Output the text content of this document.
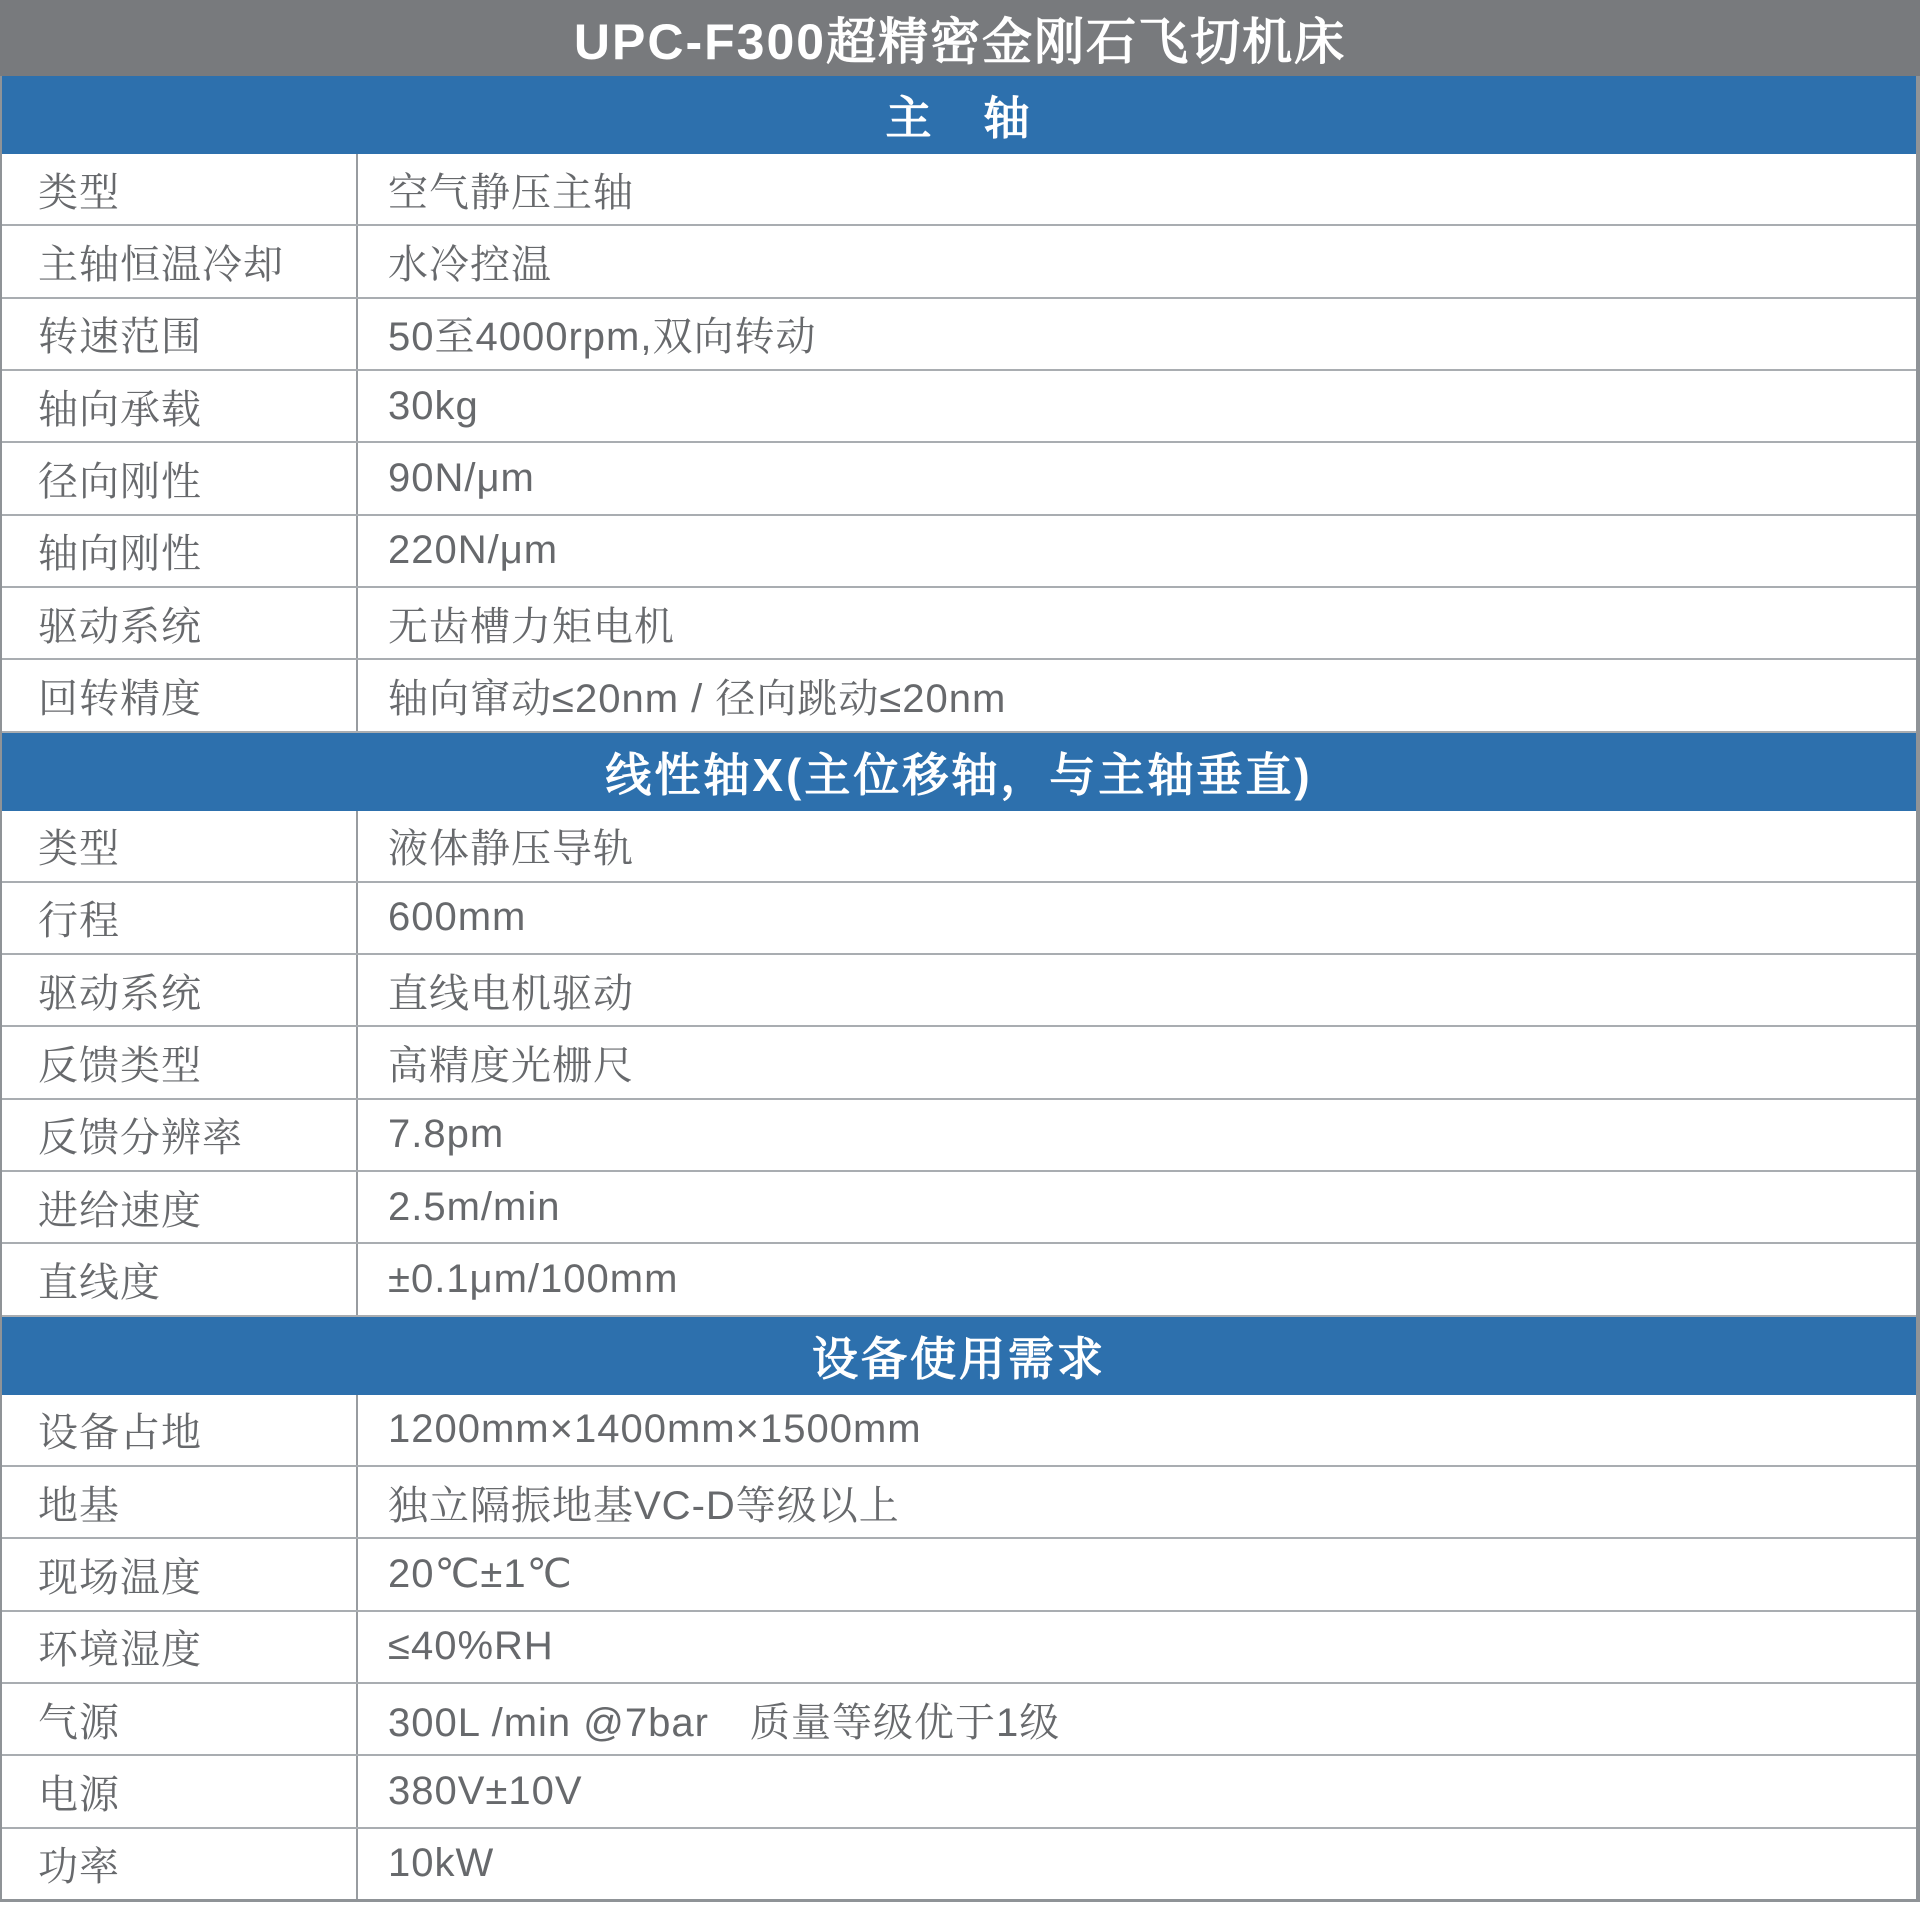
UPC-F300超精密金刚石飞切机床
主　轴
类型	空气静压主轴
主轴恒温冷却	水冷控温
转速范围	50至4000rpm,双向转动
轴向承载	30kg
径向刚性	90N/μm
轴向刚性	220N/μm
驱动系统	无齿槽力矩电机
回转精度	轴向窜动≤20nm / 径向跳动≤20nm
线性轴X(主位移轴，与主轴垂直)
类型	液体静压导轨
行程	600mm
驱动系统	直线电机驱动
反馈类型	高精度光栅尺
反馈分辨率	7.8pm
进给速度	2.5m/min
直线度	±0.1μm/100mm
设备使用需求
设备占地	1200mm×1400mm×1500mm
地基	独立隔振地基VC-D等级以上
现场温度	20℃±1℃
环境湿度	≤40%RH
气源	300L /min @7bar　质量等级优于1级
电源	380V±10V
功率	10kW
